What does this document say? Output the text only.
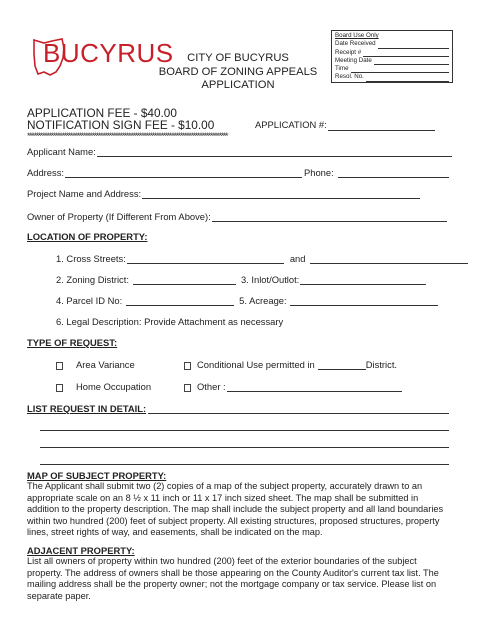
BUCYRUS	CITY OF BUCYRUS
BOARD OF ZONING APPEALS
APPLICATION
Board Use Only
Date Received
Receipt #
Meeting Date
Time
Resol. No.
APPLICATION FEE - $40.00
NOTIFICATION SIGN FEE - $10.00	APPLICATION #:
*********************************************************************************************
Applicant Name:
Address:	Phone:
Project Name and Address:
Owner of Property (If Different From Above):
LOCATION OF PROPERTY:
1. Cross Streets:	and
2. Zoning District:	3. Inlot/Outlot:
4. Parcel ID No:	5. Acreage:
6. Legal Description: Provide Attachment as necessary
TYPE OF REQUEST:
Area Variance	Conditional Use permitted in	District.
Home Occupation	Other :
LIST REQUEST IN DETAIL:
MAP OF SUBJECT PROPERTY:
The Applicant shall submit two (2) copies of a map of the subject property, accurately drawn to an appropriate scale on an 8 ½ x 11 inch or 11 x 17 inch sized sheet. The map shall be submitted in addition to the property description. The map shall include the subject property and all land boundaries within two hundred (200) feet of subject property. All existing structures, proposed structures, property lines, street rights of way, and easements, shall be indicated on the map.
ADJACENT PROPERTY:
List all owners of property within two hundred (200) feet of the exterior boundaries of the subject property. The address of owners shall be those appearing on the County Auditor's current tax list. The mailing address shall be the property owner; not the mortgage company or tax service. Please list on separate paper.
